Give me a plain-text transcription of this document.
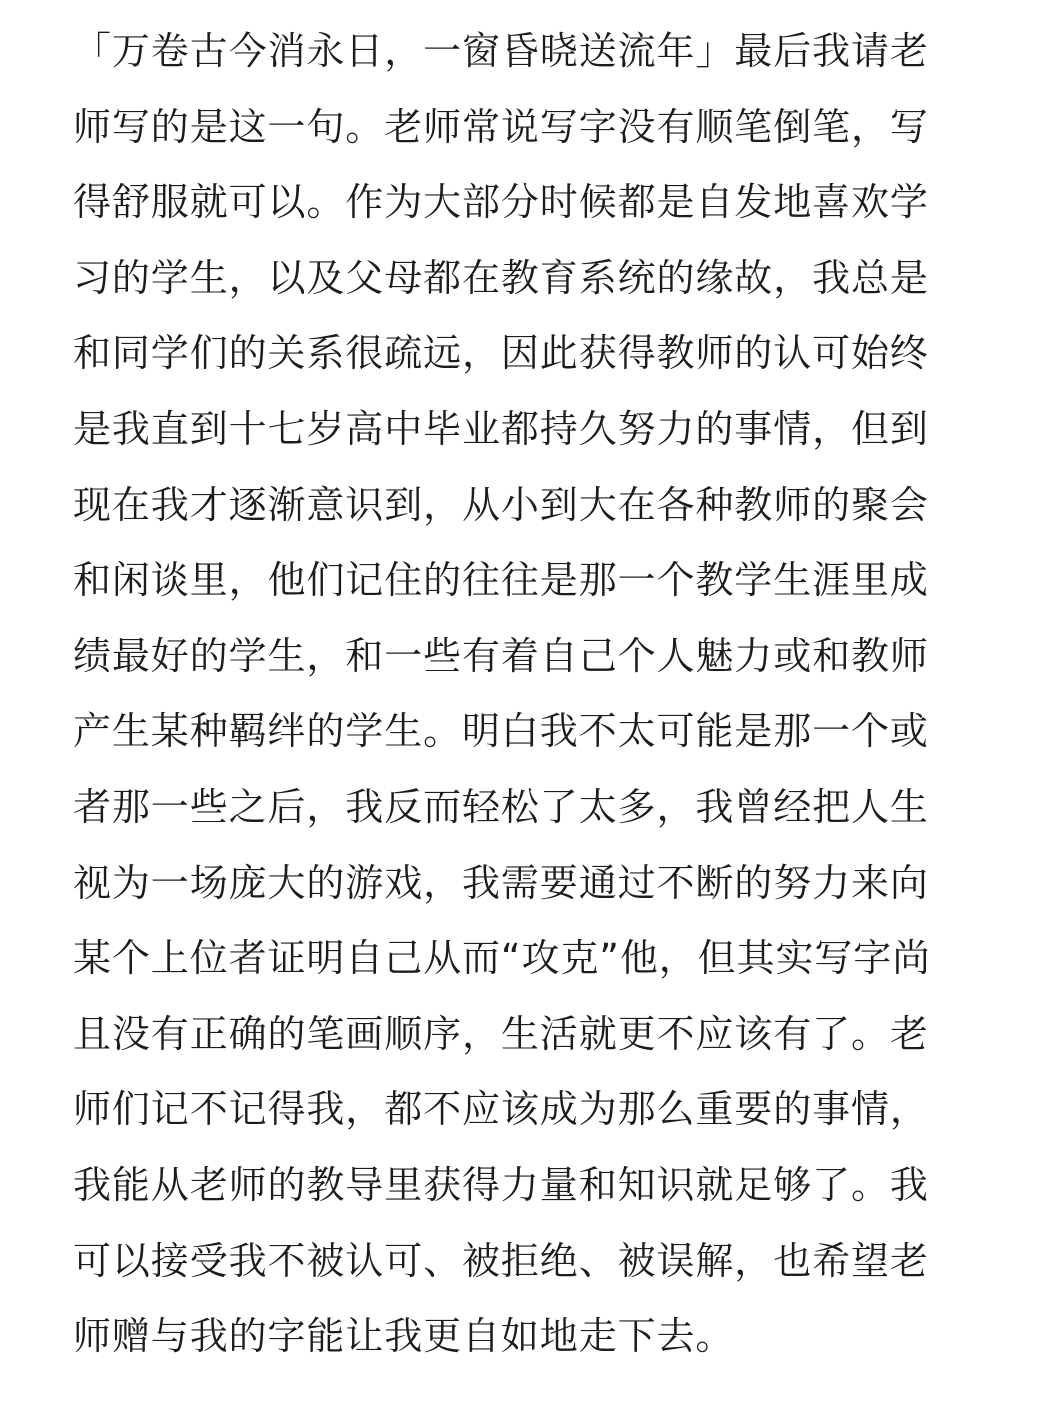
「万卷古今消永日，一窗昏晓送流年」最后我请老
师写的是这一句。老师常说写字没有顺笔倒笔，写
得舒服就可以。作为大部分时候都是自发地喜欢学
习的学生，以及父母都在教育系统的缘故，我总是
和同学们的关系很疏远，因此获得教师的认可始终
是我直到十七岁高中毕业都持久努力的事情，但到
现在我才逐渐意识到，从小到大在各种教师的聚会
和闲谈里，他们记住的往往是那一个教学生涯里成
绩最好的学生，和一些有着自己个人魅力或和教师
产生某种羁绊的学生。明白我不太可能是那一个或
者那一些之后，我反而轻松了太多，我曾经把人生
视为一场庞大的游戏，我需要通过不断的努力来向
某个上位者证明自己从而“攻克”他，但其实写字尚
且没有正确的笔画顺序，生活就更不应该有了。老
师们记不记得我，都不应该成为那么重要的事情，
我能从老师的教导里获得力量和知识就足够了。我
可以接受我不被认可、被拒绝、被误解，也希望老
师赠与我的字能让我更自如地走下去。
